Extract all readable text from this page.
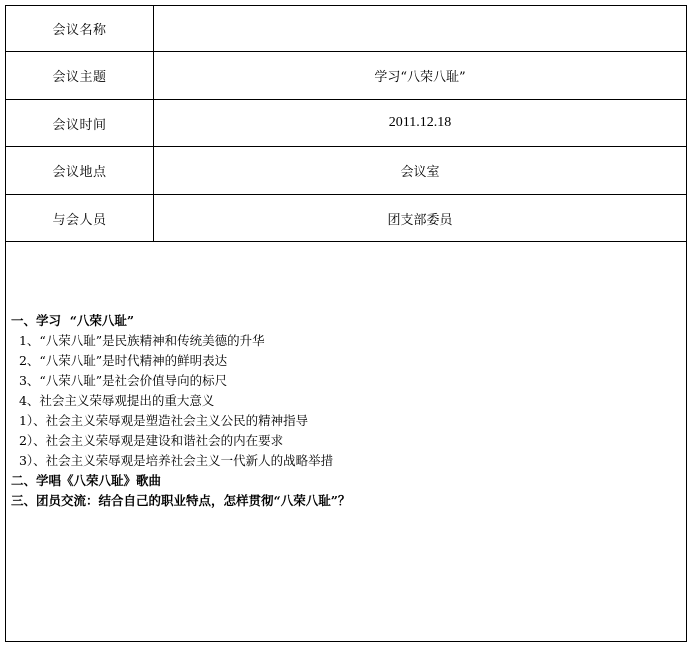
会议名称
会议主题	学习“八荣八耻”
会议时间	2011.12.18
会议地点	会议室
与会人员	团支部委员
一、学习  “八荣八耻”
1、“八荣八耻”是民族精神和传统美德的升华
2、“八荣八耻”是时代精神的鲜明表达
3、“八荣八耻”是社会价值导向的标尺
4、社会主义荣辱观提出的重大意义
1）、社会主义荣辱观是塑造社会主义公民的精神指导
2）、社会主义荣辱观是建设和谐社会的内在要求
3）、社会主义荣辱观是培养社会主义一代新人的战略举措
二、学唱《八荣八耻》歌曲
三、团员交流：结合自己的职业特点，怎样贯彻“八荣八耻”？
